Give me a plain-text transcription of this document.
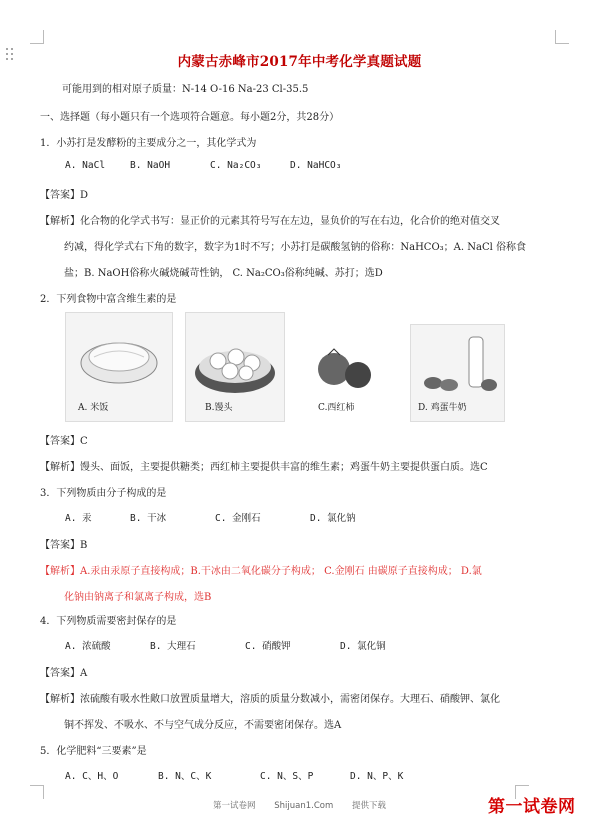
内蒙古赤峰市2017年中考化学真题试题
可能用到的相对原子质量：N-14 O-16 Na-23 Cl-35.5
一、选择题（每小题只有一个选项符合题意。每小题2分，共28分）
1．小苏打是发酵粉的主要成分之一，其化学式为
A. NaCl	B. NaOH	C. Na₂CO₃	D. NaHCO₃
【答案】D
【解析】化合物的化学式书写：显正价的元素其符号写在左边，显负价的写在右边，化合价的绝对值交叉
约减，得化学式右下角的数字，数字为1时不写；小苏打是碳酸氢钠的俗称：NaHCO₃；A. NaCl 俗称食
盐；B. NaOH俗称火碱烧碱苛性钠， C. Na₂CO₃俗称纯碱、苏打；选D
2．下列食物中富含维生素的是
A. 米饭	B.馒头	C.西红柿	D. 鸡蛋牛奶
【答案】C
【解析】馒头、面饭，主要提供糖类；西红柿主要提供丰富的维生素；鸡蛋牛奶主要提供蛋白质。选C
3．下列物质由分子构成的是
A. 汞	B. 干冰	C. 金刚石	D. 氯化钠
【答案】B
【解析】A.汞由汞原子直接构成；B.干冰由二氧化碳分子构成； C.金刚石 由碳原子直接构成； D.氯
化钠由钠离子和氯离子构成，选B
4．下列物质需要密封保存的是
A. 浓硫酸	B. 大理石	C. 硝酸钾	D. 氯化铜
【答案】A
【解析】浓硫酸有吸水性敞口放置质量增大，溶质的质量分数减小，需密闭保存。大理石、硝酸钾、氯化
铜不挥发、不吸水、不与空气成分反应，不需要密闭保存。选A
5．化学肥料“三要素”是
A. C、H、O	B. N、C、K	C. N、S、P	D. N、P、K
第一试卷网 Shijuan1.Com 提供下载	第一试卷网
